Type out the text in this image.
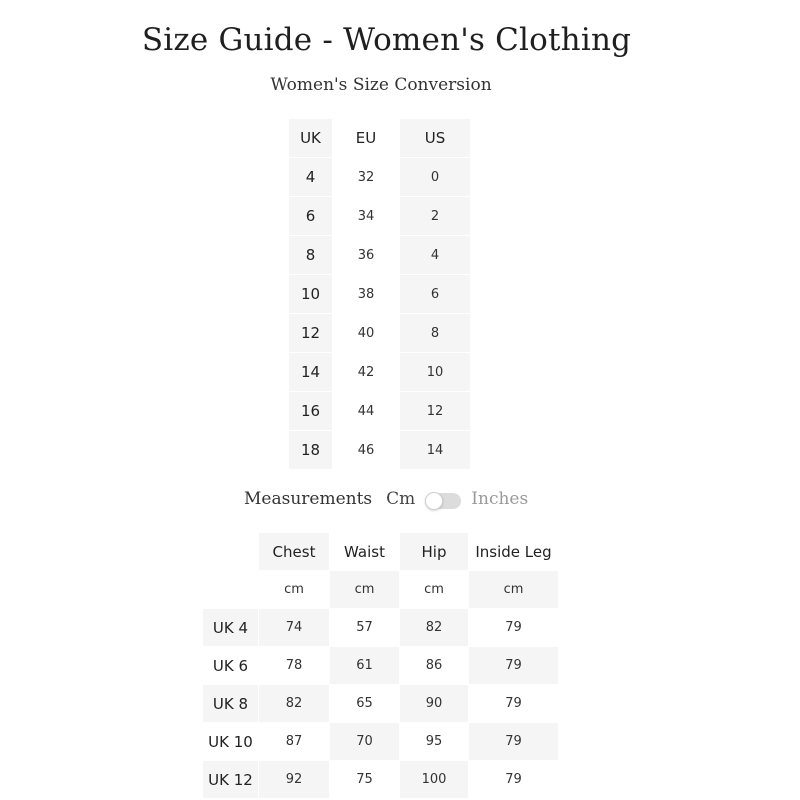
Size Guide - Women's Clothing
Women's Size Conversion
UK	EU	US
4	32	0
6	34	2
8	36	4
10	38	6
12	40	8
14	42	10
16	44	12
18	46	14
Measurements Cm	Inches
	Chest	Waist	Hip	Inside Leg
	cm	cm	cm	cm
UK 4	74	57	82	79
UK 6	78	61	86	79
UK 8	82	65	90	79
UK 10	87	70	95	79
UK 12	92	75	100	79
